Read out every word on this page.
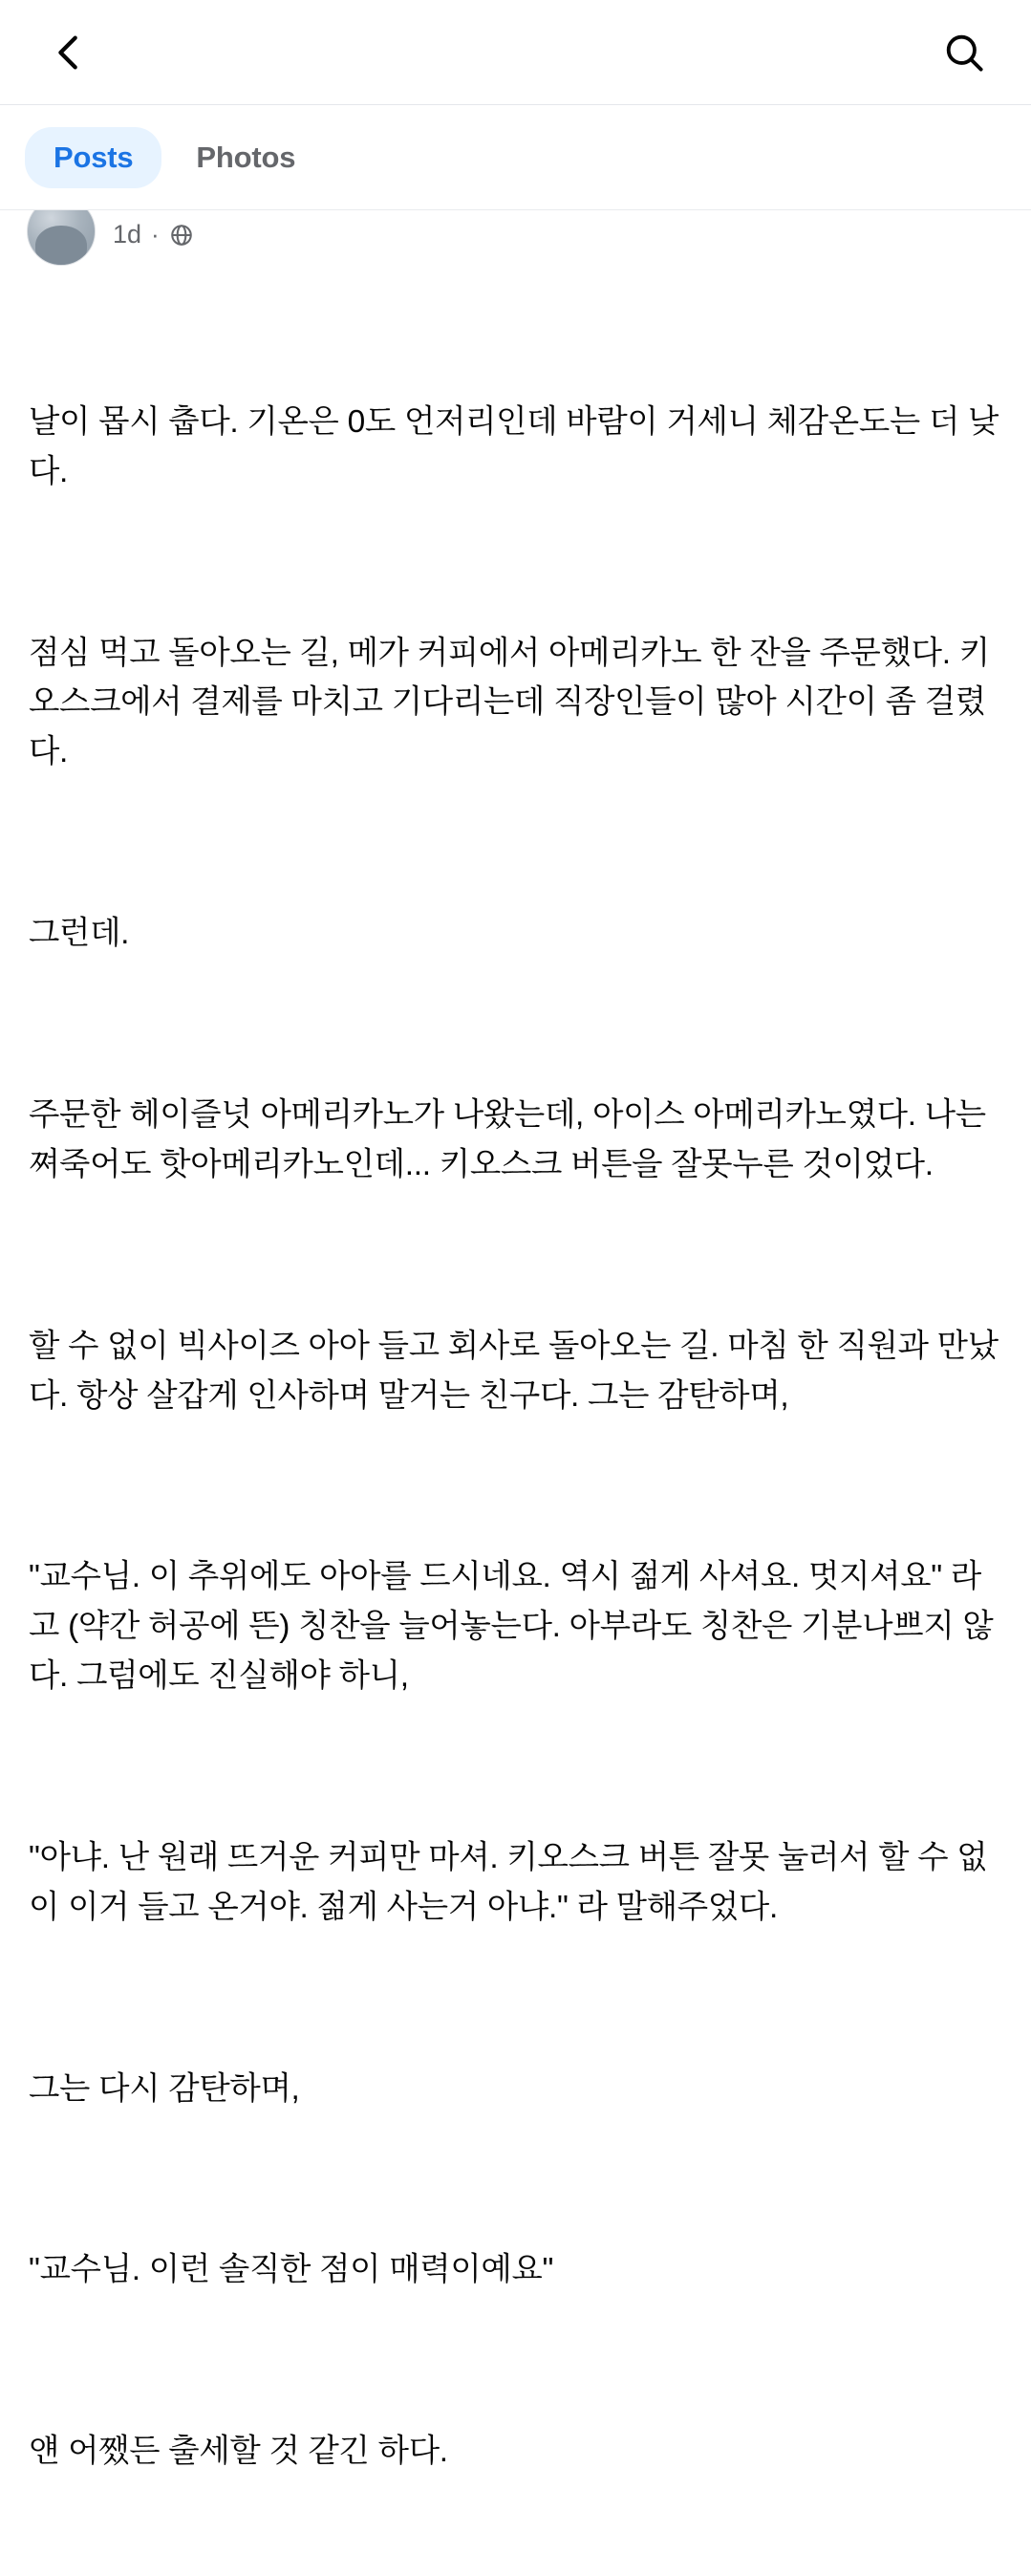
Posts	Photos
1d ·

날이 몹시 춥다. 기온은 0도 언저리인데 바람이 거세니 체감온도는 더 낮다.

점심 먹고 돌아오는 길, 메가 커피에서 아메리카노 한 잔을 주문했다. 키오스크에서 결제를 마치고 기다리는데 직장인들이 많아 시간이 좀 걸렸다.

그런데.

주문한 헤이즐넛 아메리카노가 나왔는데, 아이스 아메리카노였다. 나는 쪄죽어도 핫아메리카노인데... 키오스크 버튼을 잘못누른 것이었다.

할 수 없이 빅사이즈 아아 들고 회사로 돌아오는 길. 마침 한 직원과 만났다. 항상 살갑게 인사하며 말거는 친구다. 그는 감탄하며,

"교수님. 이 추위에도 아아를 드시네요. 역시 젊게 사셔요. 멋지셔요" 라고 (약간 허공에 뜬) 칭찬을 늘어놓는다. 아부라도 칭찬은 기분나쁘지 않다. 그럼에도 진실해야 하니,

"아냐. 난 원래 뜨거운 커피만 마셔. 키오스크 버튼 잘못 눌러서 할 수 없이 이거 들고 온거야. 젊게 사는거 아냐." 라 말해주었다.

그는 다시 감탄하며,

"교수님. 이런 솔직한 점이 매력이예요"

얜 어쨌든 출세할 것 같긴 하다.
